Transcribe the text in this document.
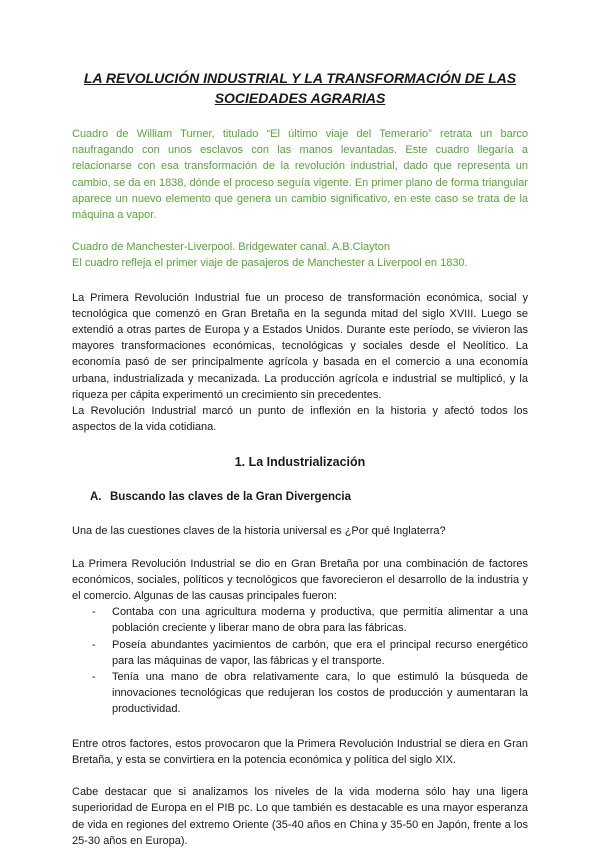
LA REVOLUCIÓN INDUSTRIAL Y LA TRANSFORMACIÓN DE LAS SOCIEDADES AGRARIAS

Cuadro de William Turner, titulado “El último viaje del Temerario” retrata un barco naufragando con unos esclavos con las manos levantadas. Este cuadro llegaría a relacionarse con esa transformación de la revolución industrial, dado que representa un cambio, se da en 1838, dónde el proceso seguía vigente. En primer plano de forma triangular aparece un nuevo elemento que genera un cambio significativo, en este caso se trata de la máquina a vapor.

Cuadro de Manchester-Liverpool. Bridgewater canal. A.B.Clayton

El cuadro refleja el primer viaje de pasajeros de Manchester a Liverpool en 1830.

La Primera Revolución Industrial fue un proceso de transformación económica, social y tecnológica que comenzó en Gran Bretaña en la segunda mitad del siglo XVIII. Luego se extendió a otras partes de Europa y a Estados Unidos. Durante este período, se vivieron las mayores transformaciones económicas, tecnológicas y sociales desde el Neolítico. La economía pasó de ser principalmente agrícola y basada en el comercio a una economía urbana, industrializada y mecanizada. La producción agrícola e industrial se multiplicó, y la riqueza per cápita experimentó un crecimiento sin precedentes.

La Revolución Industrial marcó un punto de inflexión en la historia y afectó todos los aspectos de la vida cotidiana.

1. La Industrialización
A. Buscando las claves de la Gran Divergencia

Una de las cuestiones claves de la historia universal es ¿Por qué Inglaterra?

La Primera Revolución Industrial se dio en Gran Bretaña por una combinación de factores económicos, sociales, políticos y tecnológicos que favorecieron el desarrollo de la industria y el comercio. Algunas de las causas principales fueron:

- Contaba con una agricultura moderna y productiva, que permitía alimentar a una población creciente y liberar mano de obra para las fábricas.
- Poseía abundantes yacimientos de carbón, que era el principal recurso energético para las máquinas de vapor, las fábricas y el transporte.
- Tenía una mano de obra relativamente cara, lo que estimuló la búsqueda de innovaciones tecnológicas que redujeran los costos de producción y aumentaran la productividad.

Entre otros factores, estos provocaron que la Primera Revolución Industrial se diera en Gran Bretaña, y esta se convirtiera en la potencia económica y política del siglo XIX.

Cabe destacar que si analizamos los niveles de la vida moderna sólo hay una ligera superioridad de Europa en el PIB pc. Lo que también es destacable es una mayor esperanza de vida en regiones del extremo Oriente (35-40 años en China y 35-50 en Japón, frente a los 25-30 años en Europa).
